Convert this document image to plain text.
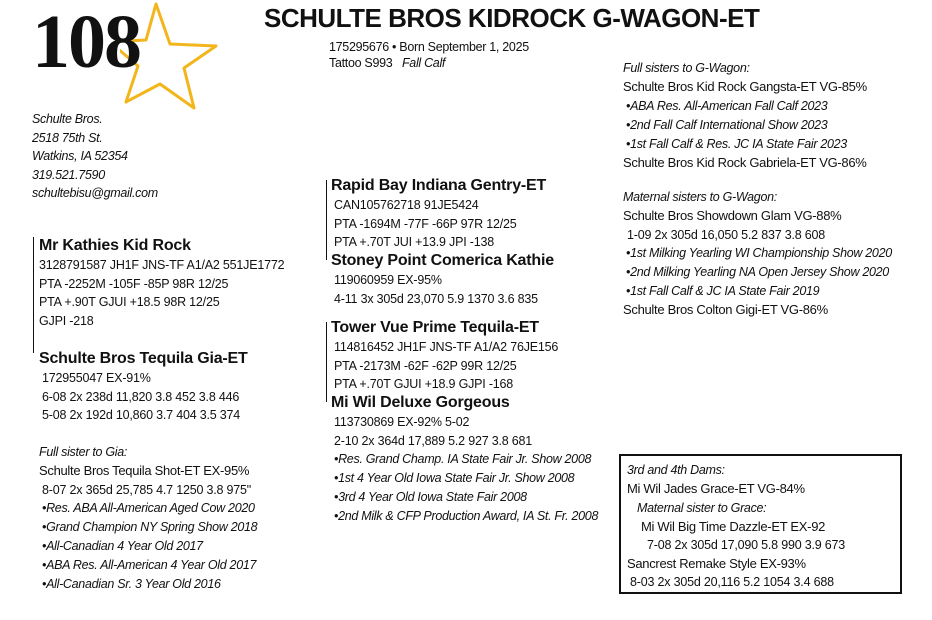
108	SCHULTE BROS KIDROCK G-WAGON-ET
175295676 • Born September 1, 2025
Tattoo S993 Fall Calf
Schulte Bros.
2518 75th St.
Watkins, IA 52354
319.521.7590
schultebisu@gmail.com
Mr Kathies Kid Rock
3128791587 JH1F JNS-TF A1/A2 551JE1772
PTA -2252M -105F -85P 98R 12/25
PTA +.90T GJUI +18.5 98R 12/25
GJPI -218
Schulte Bros Tequila Gia-ET
172955047 EX-91%
6-08 2x 238d 11,820 3.8 452 3.8 446
5-08 2x 192d 10,860 3.7 404 3.5 374
Full sister to Gia:
Schulte Bros Tequila Shot-ET EX-95%
8-07 2x 365d 25,785 4.7 1250 3.8 975"
•Res. ABA All-American Aged Cow 2020
•Grand Champion NY Spring Show 2018
•All-Canadian 4 Year Old 2017
•ABA Res. All-American 4 Year Old 2017
•All-Canadian Sr. 3 Year Old 2016
Rapid Bay Indiana Gentry-ET
CAN105762718 91JE5424
PTA -1694M -77F -66P 97R 12/25
PTA +.70T JUI +13.9 JPI -138
Stoney Point Comerica Kathie
119060959 EX-95%
4-11 3x 305d 23,070 5.9 1370 3.6 835
Tower Vue Prime Tequila-ET
114816452 JH1F JNS-TF A1/A2 76JE156
PTA -2173M -62F -62P 99R 12/25
PTA +.70T GJUI +18.9 GJPI -168
Mi Wil Deluxe Gorgeous
113730869 EX-92% 5-02
2-10 2x 364d 17,889 5.2 927 3.8 681
•Res. Grand Champ. IA State Fair Jr. Show 2008
•1st 4 Year Old Iowa State Fair Jr. Show 2008
•3rd 4 Year Old Iowa State Fair 2008
•2nd Milk & CFP Production Award, IA St. Fr. 2008
Full sisters to G-Wagon:
Schulte Bros Kid Rock Gangsta-ET VG-85%
•ABA Res. All-American Fall Calf 2023
•2nd Fall Calf International Show 2023
•1st Fall Calf & Res. JC IA State Fair 2023
Schulte Bros Kid Rock Gabriela-ET VG-86%
Maternal sisters to G-Wagon:
Schulte Bros Showdown Glam VG-88%
1-09 2x 305d 16,050 5.2 837 3.8 608
•1st Milking Yearling WI Championship Show 2020
•2nd Milking Yearling NA Open Jersey Show 2020
•1st Fall Calf & JC IA State Fair 2019
Schulte Bros Colton Gigi-ET VG-86%
3rd and 4th Dams:
Mi Wil Jades Grace-ET VG-84%
Maternal sister to Grace:
Mi Wil Big Time Dazzle-ET EX-92
7-08 2x 305d 17,090 5.8 990 3.9 673
Sancrest Remake Style EX-93%
8-03 2x 305d 20,116 5.2 1054 3.4 688
